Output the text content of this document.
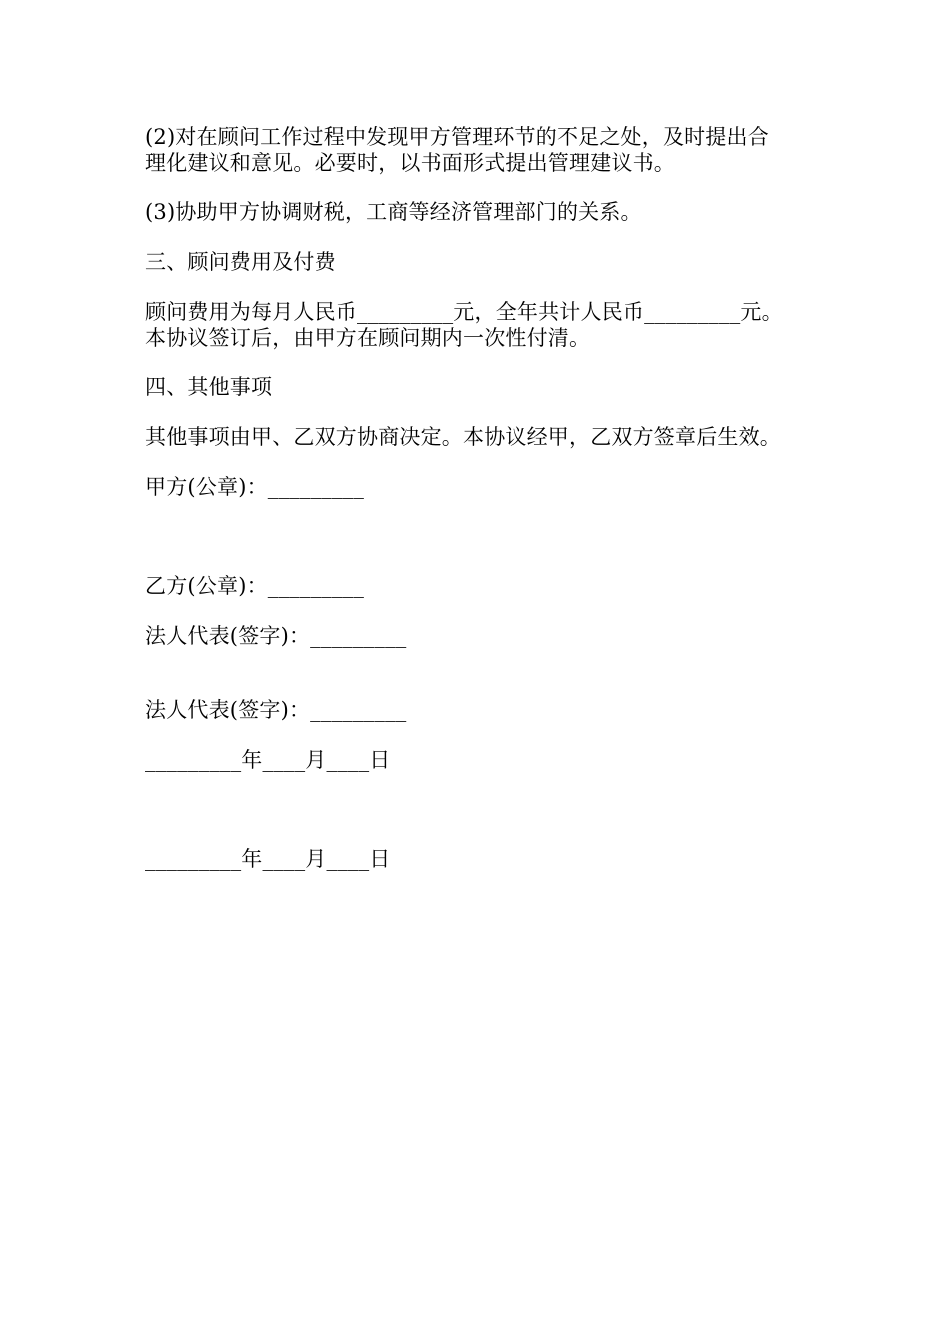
(2)对在顾问工作过程中发现甲方管理环节的不足之处，及时提出合
理化建议和意见。必要时，以书面形式提出管理建议书。
(3)协助甲方协调财税，工商等经济管理部门的关系。
三、顾问费用及付费
顾问费用为每月人民币_________元，全年共计人民币_________元。
本协议签订后，由甲方在顾问期内一次性付清。
四、其他事项
其他事项由甲、乙双方协商决定。本协议经甲，乙双方签章后生效。
甲方(公章)：_________
乙方(公章)：_________
法人代表(签字)：_________
法人代表(签字)：_________
_________年____月____日
_________年____月____日
